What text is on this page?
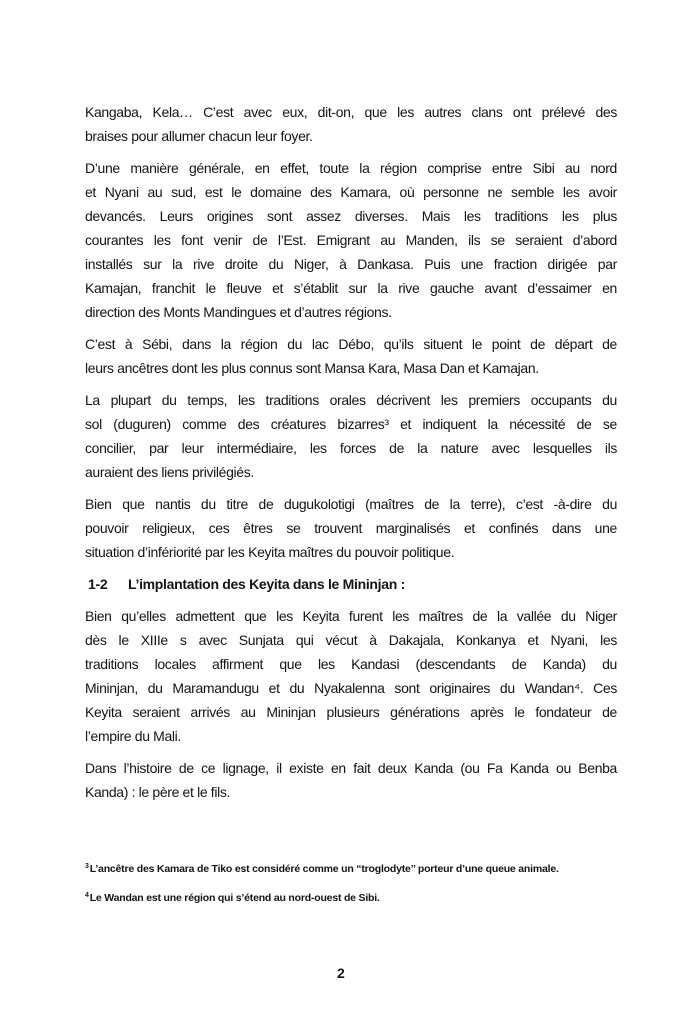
Kangaba, Kela… C’est avec eux, dit-on, que les autres clans ont prélevé des
braises pour allumer chacun leur foyer.
D’une manière générale, en effet, toute la région comprise entre Sibi au nord
et Nyani au sud, est le domaine des Kamara, où personne ne semble les avoir
devancés. Leurs origines sont assez diverses. Mais les traditions les plus
courantes les font venir de l’Est. Emigrant au Manden, ils se seraient d’abord
installés sur la rive droite du Niger, à Dankasa. Puis une fraction dirigée par
Kamajan, franchit le fleuve et s’établit sur la rive gauche avant d’essaimer en
direction des Monts Mandingues et d’autres régions.
C’est à Sébi, dans la région du lac Débo, qu’ils situent le point de départ de
leurs ancêtres dont les plus connus sont Mansa Kara, Masa Dan et Kamajan.
La plupart du temps, les traditions orales décrivent les premiers occupants du
sol (duguren) comme des créatures bizarres³ et indiquent la nécessité de se
concilier, par leur intermédiaire, les forces de la nature avec lesquelles ils
auraient des liens privilégiés.
Bien que nantis du titre de dugukolotigi (maîtres de la terre), c’est -à-dire du
pouvoir religieux, ces êtres se trouvent marginalisés et confinés dans une
situation d’infériorité par les Keyita maîtres du pouvoir politique.
1-2 L’implantation des Keyita dans le Mininjan :
Bien qu’elles admettent que les Keyita furent les maîtres de la vallée du Niger
dès le XIIIe s avec Sunjata qui vécut à Dakajala, Konkanya et Nyani, les
traditions locales affirment que les Kandasi (descendants de Kanda) du
Mininjan, du Maramandugu et du Nyakalenna sont originaires du Wandan⁴. Ces
Keyita seraient arrivés au Mininjan plusieurs générations après le fondateur de
l’empire du Mali.
Dans l’histoire de ce lignage, il existe en fait deux Kanda (ou Fa Kanda ou Benba
Kanda) : le père et le fils.
$^3$L’ancêtre des Kamara de Tiko est considéré comme un “troglodyte’’ porteur d’une queue animale.
$^4$Le Wandan est une région qui s’étend au nord-ouest de Sibi.
2
